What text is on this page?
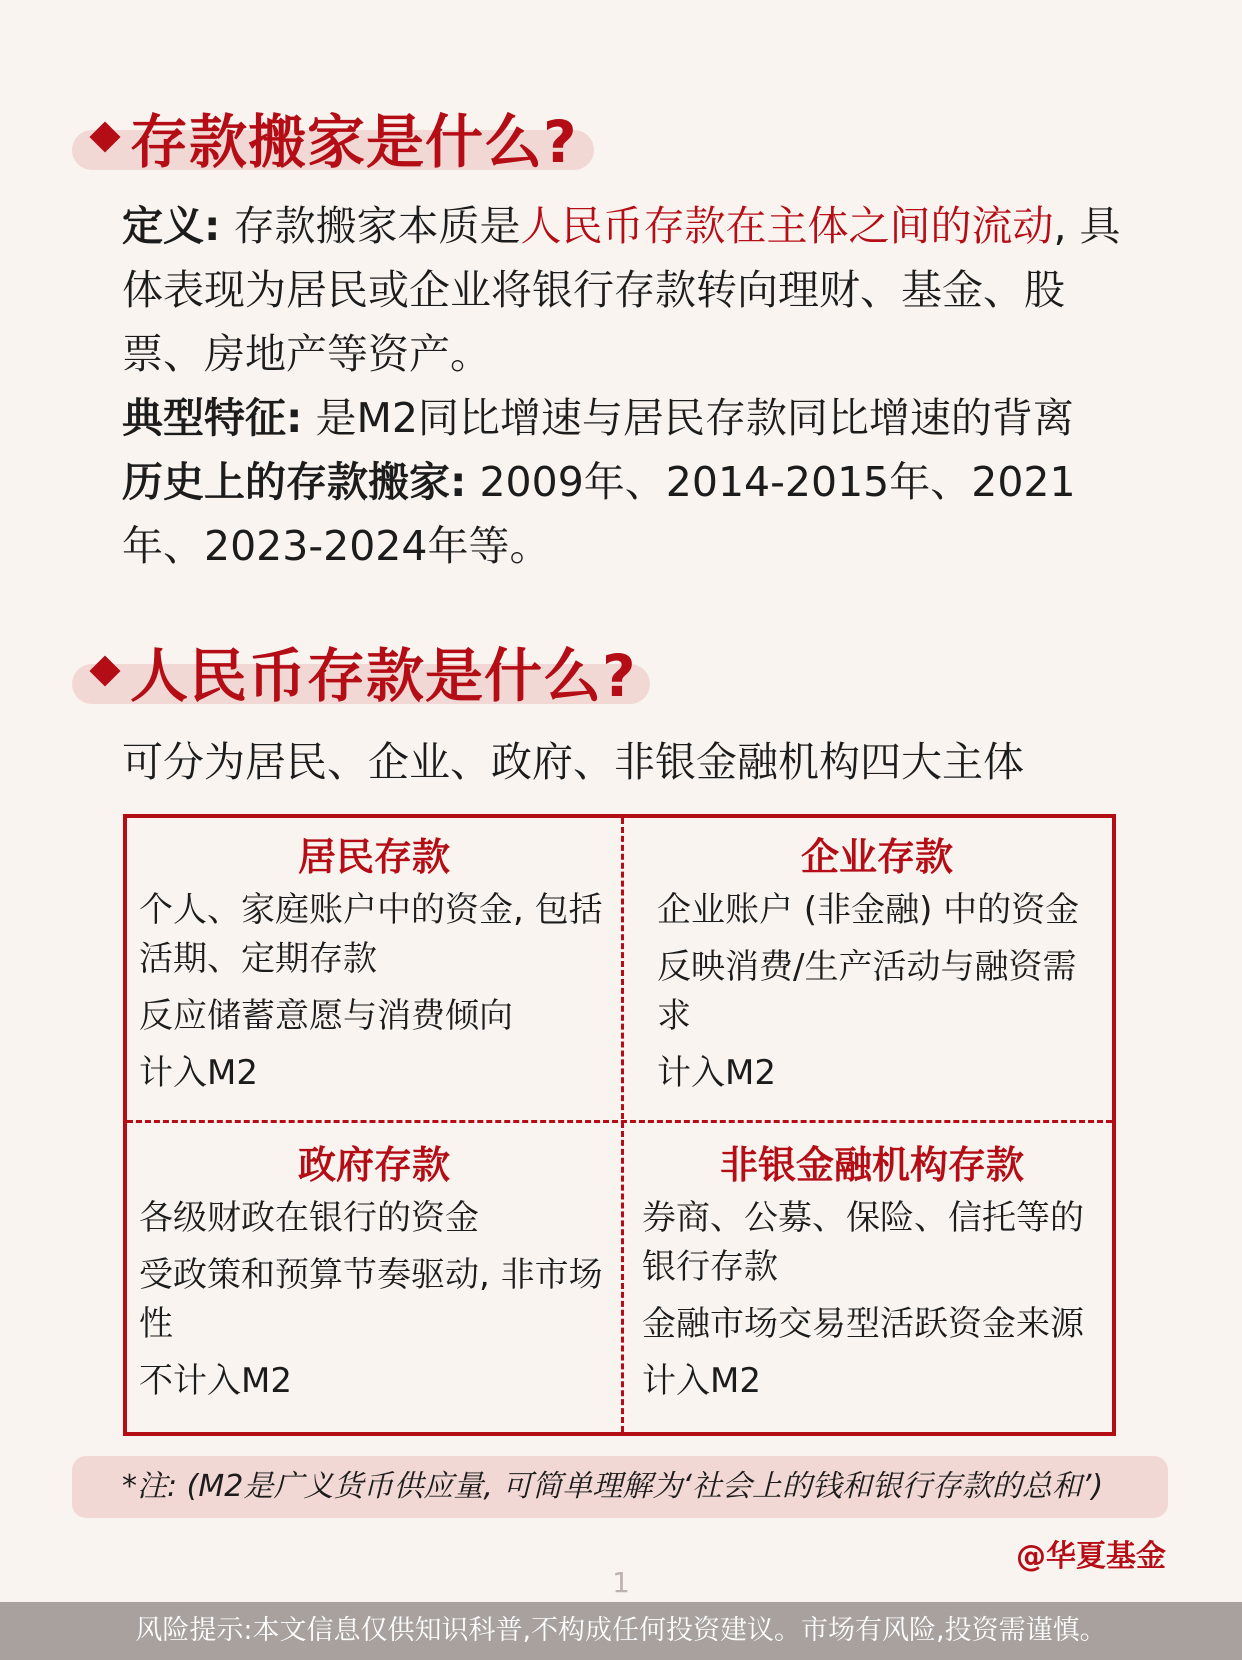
存款搬家是什么?
定义: 存款搬家本质是人民币存款在主体之间的流动, 具体表现为居民或企业将银行存款转向理财、基金、股票、房地产等资产。
典型特征: 是M2同比增速与居民存款同比增速的背离
历史上的存款搬家: 2009年、2014-2015年、2021年、2023-2024年等。
人民币存款是什么?
可分为居民、企业、政府、非银金融机构四大主体
居民存款
个人、家庭账户中的资金, 包括活期、定期存款
反应储蓄意愿与消费倾向
计入M2
企业存款
企业账户 (非金融) 中的资金
反映消费/生产活动与融资需求
计入M2
政府存款
各级财政在银行的资金
受政策和预算节奏驱动, 非市场性
不计入M2
非银金融机构存款
券商、公募、保险、信托等的银行存款
金融市场交易型活跃资金来源
计入M2
*注: (M2是广义货币供应量, 可简单理解为‘社会上的钱和银行存款的总和’)
@华夏基金
1
风险提示:本文信息仅供知识科普,不构成任何投资建议。市场有风险,投资需谨慎。
